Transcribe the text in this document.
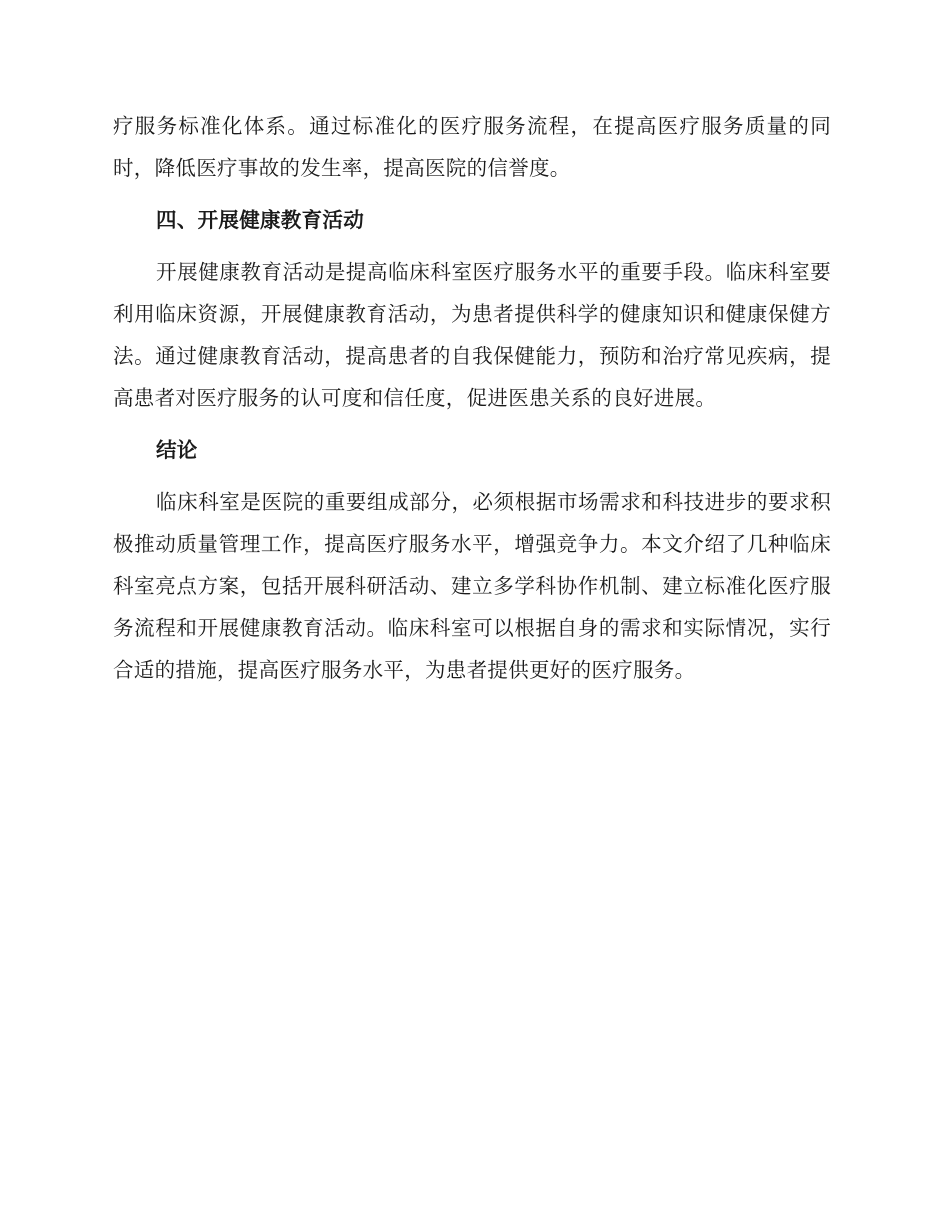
疗服务标准化体系。通过标准化的医疗服务流程，在提高医疗服务质量的同时，降低医疗事故的发生率，提高医院的信誉度。

四、开展健康教育活动

开展健康教育活动是提高临床科室医疗服务水平的重要手段。临床科室要利用临床资源，开展健康教育活动，为患者提供科学的健康知识和健康保健方法。通过健康教育活动，提高患者的自我保健能力，预防和治疗常见疾病，提高患者对医疗服务的认可度和信任度，促进医患关系的良好进展。

结论

临床科室是医院的重要组成部分，必须根据市场需求和科技进步的要求积极推动质量管理工作，提高医疗服务水平，增强竞争力。本文介绍了几种临床科室亮点方案，包括开展科研活动、建立多学科协作机制、建立标准化医疗服务流程和开展健康教育活动。临床科室可以根据自身的需求和实际情况，实行合适的措施，提高医疗服务水平，为患者提供更好的医疗服务。
